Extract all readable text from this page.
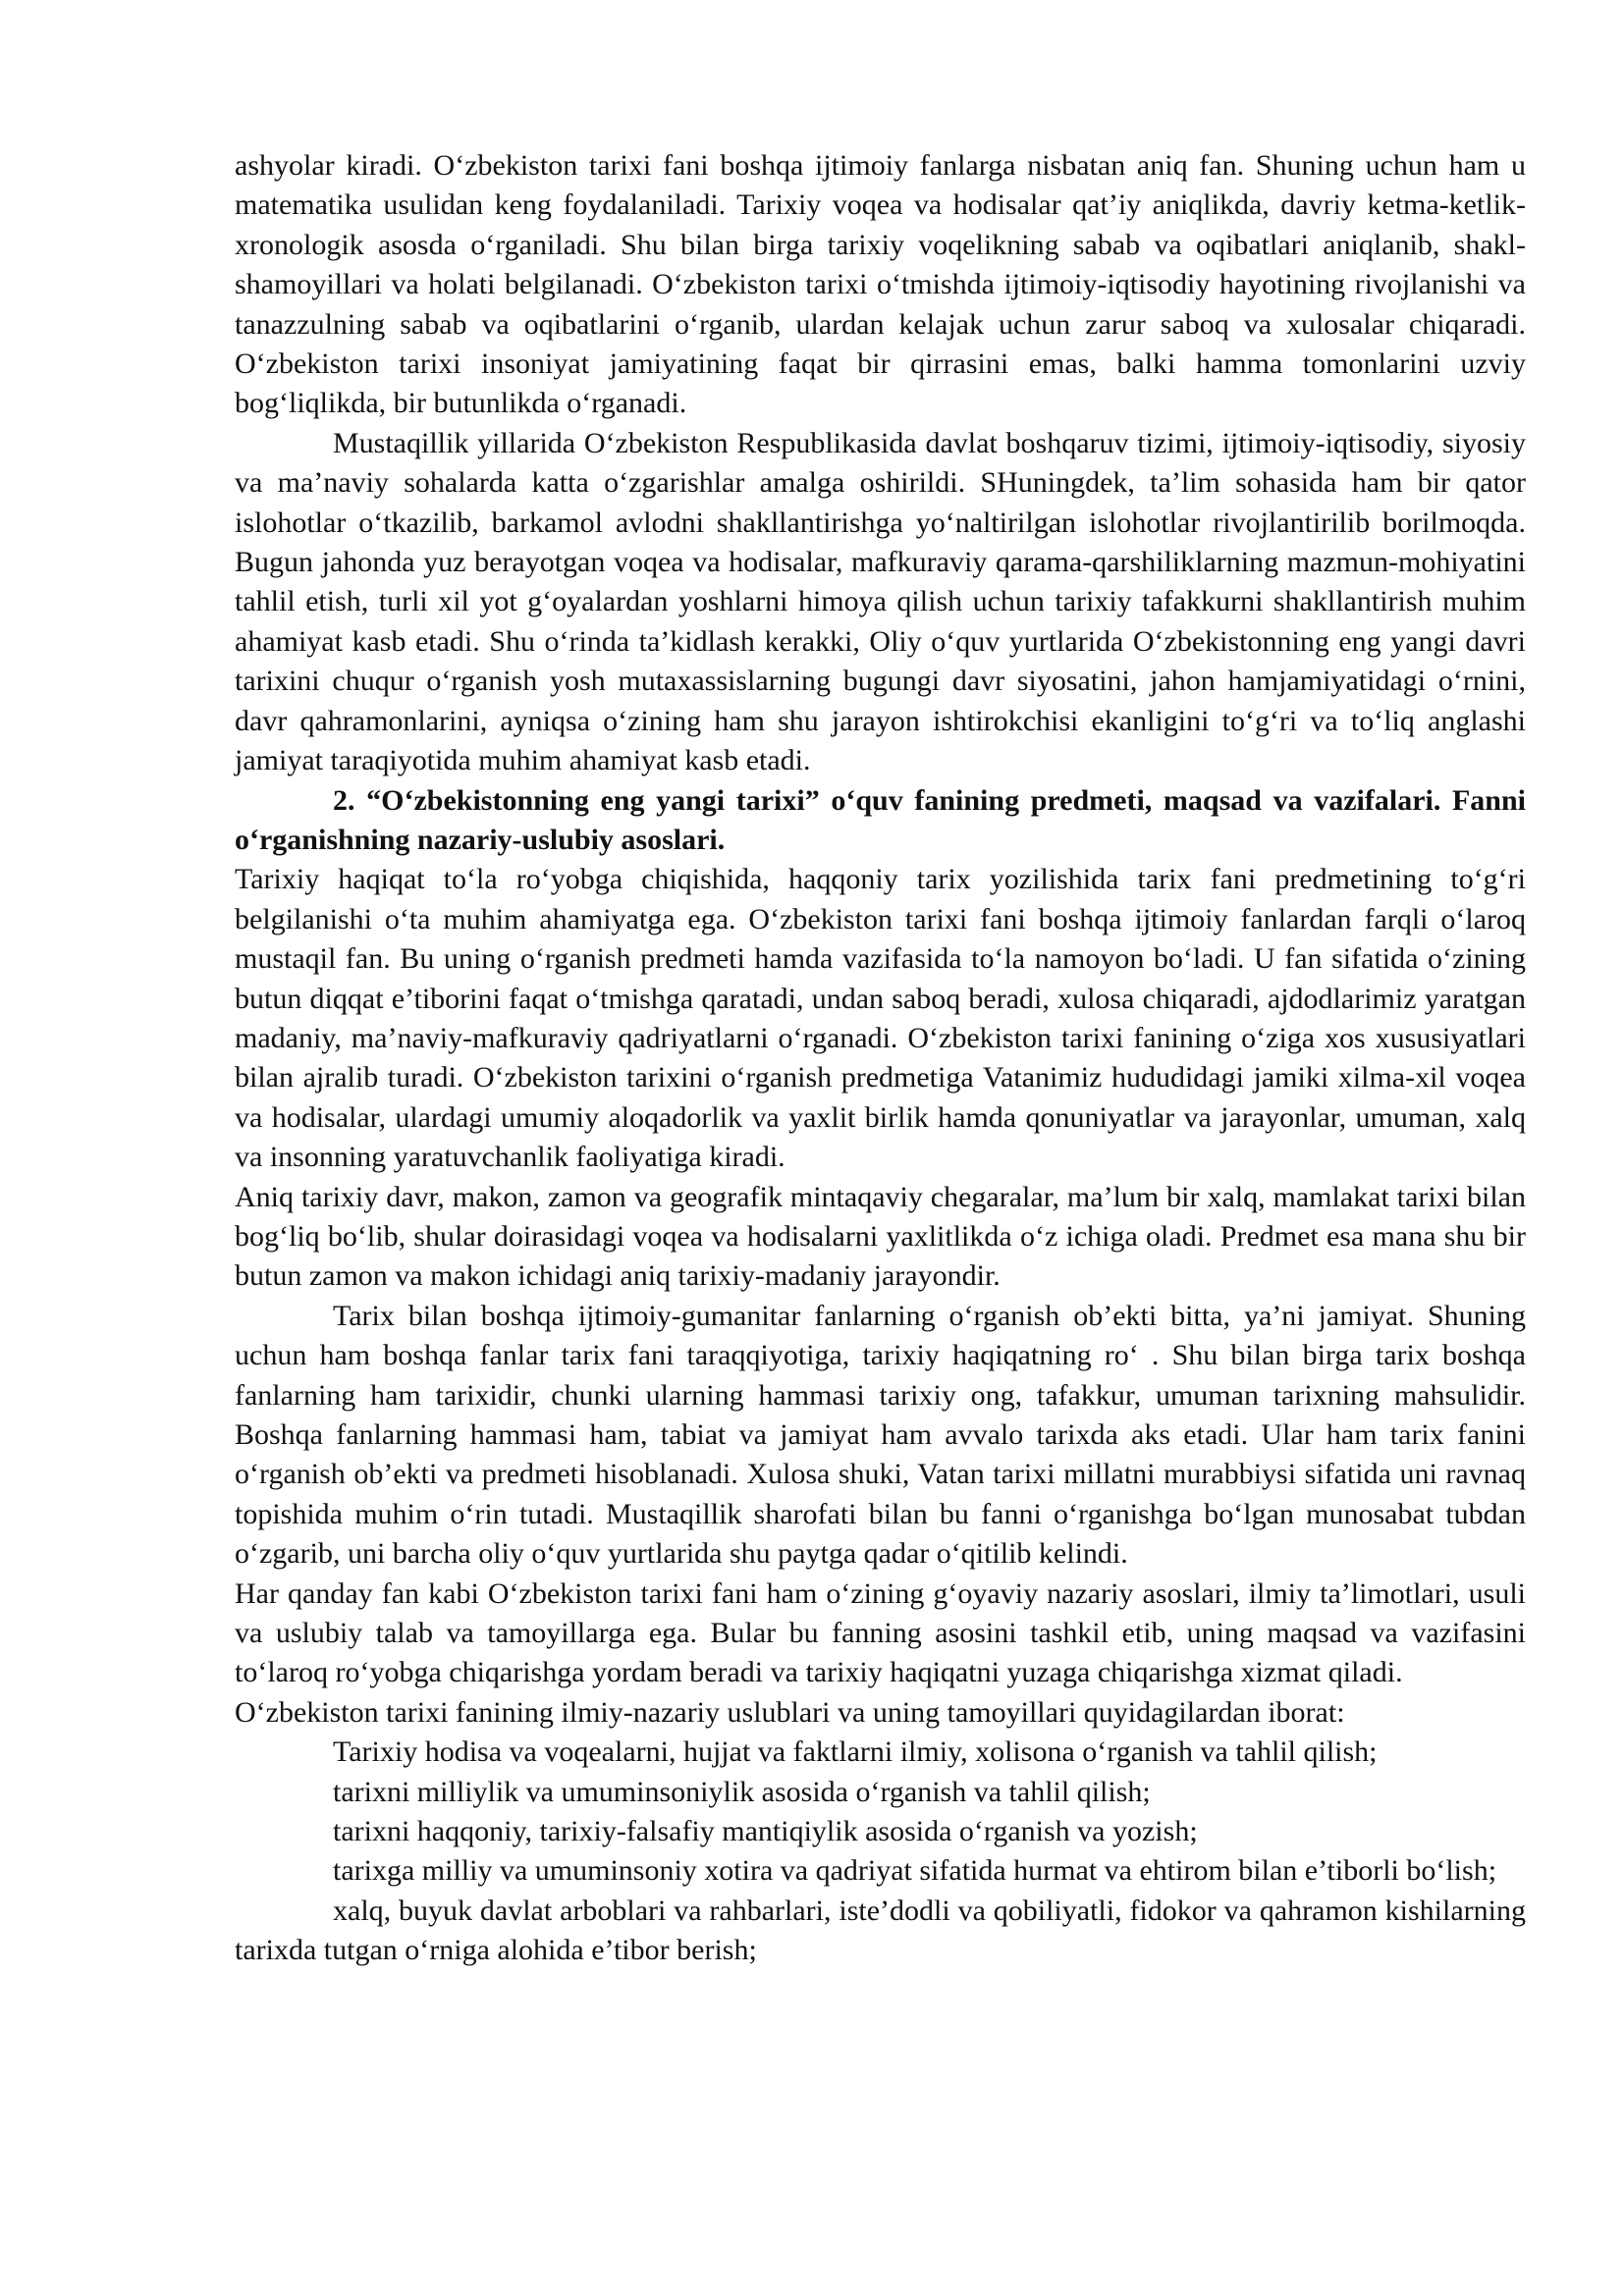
ashyolar kiradi. O‘zbekiston tarixi fani boshqa ijtimoiy fanlarga nisbatan aniq fan. Shuning uchun ham u matematika usulidan keng foydalaniladi. Tarixiy voqea va hodisalar qat’iy aniqlikda, davriy ketma-ketlik-xronologik asosda o‘rganiladi. Shu bilan birga tarixiy voqelikning sabab va oqibatlari aniqlanib, shakl-shamoyillari va holati belgilanadi. O‘zbekiston tarixi o‘tmishda ijtimoiy-iqtisodiy hayotining rivojlanishi va tanazzulning sabab va oqibatlarini o‘rganib, ulardan kelajak uchun zarur saboq va xulosalar chiqaradi. O‘zbekiston tarixi insoniyat jamiyatining faqat bir qirrasini emas, balki hamma tomonlarini uzviy bog‘liqlikda, bir butunlikda o‘rganadi.

Mustaqillik yillarida O‘zbekiston Respublikasida davlat boshqaruv tizimi, ijtimoiy-iqtisodiy, siyosiy va ma’naviy sohalarda katta o‘zgarishlar amalga oshirildi. SHuningdek, ta’lim sohasida ham bir qator islohotlar o‘tkazilib, barkamol avlodni shakllantirishga yo‘naltirilgan islohotlar rivojlantirilib borilmoqda. Bugun jahonda yuz berayotgan voqea va hodisalar, mafkuraviy qarama-qarshiliklarning mazmun-mohiyatini tahlil etish, turli xil yot g‘oyalardan yoshlarni himoya qilish uchun tarixiy tafakkurni shakllantirish muhim ahamiyat kasb etadi. Shu o‘rinda ta’kidlash kerakki, Oliy o‘quv yurtlarida O‘zbekistonning eng yangi davri tarixini chuqur o‘rganish yosh mutaxassislarning bugungi davr siyosatini, jahon hamjamiyatidagi o‘rnini, davr qahramonlarini, ayniqsa o‘zining ham shu jarayon ishtirokchisi ekanligini to‘g‘ri va to‘liq anglashi jamiyat taraqiyotida muhim ahamiyat kasb etadi.

2. “O‘zbekistonning eng yangi tarixi” o‘quv fanining predmeti, maqsad va vazifalari. Fanni o‘rganishning nazariy-uslubiy asoslari.

Tarixiy haqiqat to‘la ro‘yobga chiqishida, haqqoniy tarix yozilishida tarix fani predmetining to‘g‘ri belgilanishi o‘ta muhim ahamiyatga ega. O‘zbekiston tarixi fani boshqa ijtimoiy fanlardan farqli o‘laroq mustaqil fan. Bu uning o‘rganish predmeti hamda vazifasida to‘la namoyon bo‘ladi. U fan sifatida o‘zining butun diqqat e’tiborini faqat o‘tmishga qaratadi, undan saboq beradi, xulosa chiqaradi, ajdodlarimiz yaratgan madaniy, ma’naviy-mafkuraviy qadriyatlarni o‘rganadi. O‘zbekiston tarixi fanining o‘ziga xos xususiyatlari bilan ajralib turadi. O‘zbekiston tarixini o‘rganish predmetiga Vatanimiz hududidagi jamiki xilma-xil voqea va hodisalar, ulardagi umumiy aloqadorlik va yaxlit birlik hamda qonuniyatlar va jarayonlar, umuman, xalq va insonning yaratuvchanlik faoliyatiga kiradi.

Aniq tarixiy davr, makon, zamon va geografik mintaqaviy chegaralar, ma’lum bir xalq, mamlakat tarixi bilan bog‘liq bo‘lib, shular doirasidagi voqea va hodisalarni yaxlitlikda o‘z ichiga oladi. Predmet esa mana shu bir butun zamon va makon ichidagi aniq tarixiy-madaniy jarayondir.

Tarix bilan boshqa ijtimoiy-gumanitar fanlarning o‘rganish ob’ekti bitta, ya’ni jamiyat. Shuning uchun ham boshqa fanlar tarix fani taraqqiyotiga, tarixiy haqiqatning ro‘ . Shu bilan birga tarix boshqa fanlarning ham tarixidir, chunki ularning hammasi tarixiy ong, tafakkur, umuman tarixning mahsulidir. Boshqa fanlarning hammasi ham, tabiat va jamiyat ham avvalo tarixda aks etadi. Ular ham tarix fanini o‘rganish ob’ekti va predmeti hisoblanadi. Xulosa shuki, Vatan tarixi millatni murabbiysi sifatida uni ravnaq topishida muhim o‘rin tutadi. Mustaqillik sharofati bilan bu fanni o‘rganishga bo‘lgan munosabat tubdan o‘zgarib, uni barcha oliy o‘quv yurtlarida shu paytga qadar o‘qitilib kelindi.

Har qanday fan kabi O‘zbekiston tarixi fani ham o‘zining g‘oyaviy nazariy asoslari, ilmiy ta’limotlari, usuli va uslubiy talab va tamoyillarga ega. Bular bu fanning asosini tashkil etib, uning maqsad va vazifasini to‘laroq ro‘yobga chiqarishga yordam beradi va tarixiy haqiqatni yuzaga chiqarishga xizmat qiladi.

O‘zbekiston tarixi fanining ilmiy-nazariy uslublari va uning tamoyillari quyidagilardan iborat:

Tarixiy hodisa va voqealarni, hujjat va faktlarni ilmiy, xolisona o‘rganish va tahlil qilish;

tarixni milliylik va umuminsoniylik asosida o‘rganish va tahlil qilish;

tarixni haqqoniy, tarixiy-falsafiy mantiqiylik asosida o‘rganish va yozish;

tarixga milliy va umuminsoniy xotira va qadriyat sifatida hurmat va ehtirom bilan e’tiborli bo‘lish;

xalq, buyuk davlat arboblari va rahbarlari, iste’dodli va qobiliyatli, fidokor va qahramon kishilarning tarixda tutgan o‘rniga alohida e’tibor berish;
